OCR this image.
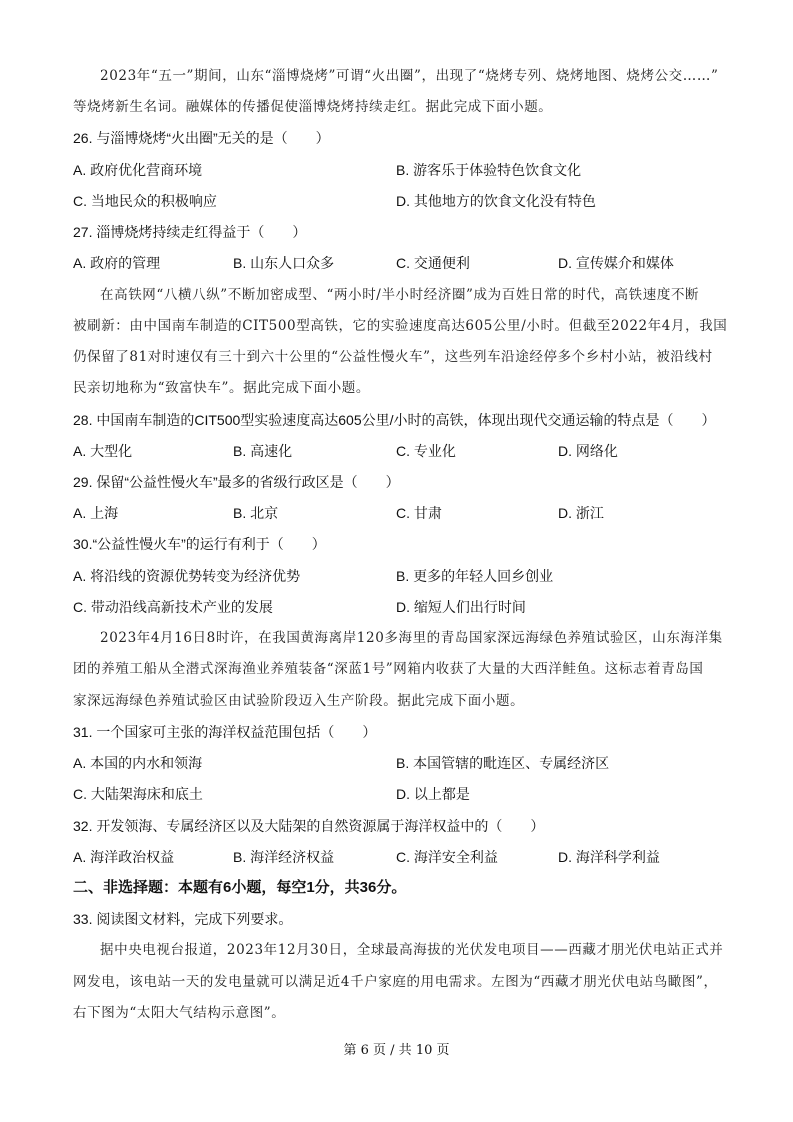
2023年“五一”期间，山东“淄博烧烤”可谓“火出圈”，出现了“烧烤专列、烧烤地图、烧烤公交……”
等烧烤新生名词。融媒体的传播促使淄博烧烤持续走红。据此完成下面小题。
26. 与淄博烧烤“火出圈”无关的是（　　）
A. 政府优化营商环境	B. 游客乐于体验特色饮食文化
C. 当地民众的积极响应	D. 其他地方的饮食文化没有特色
27. 淄博烧烤持续走红得益于（　　）
A. 政府的管理	B. 山东人口众多	C. 交通便利	D. 宣传媒介和媒体
在高铁网“八横八纵”不断加密成型、“两小时/半小时经济圈”成为百姓日常的时代，高铁速度不断
被刷新：由中国南车制造的CIT500型高铁，它的实验速度高达605公里/小时。但截至2022年4月，我国
仍保留了81对时速仅有三十到六十公里的“公益性慢火车”，这些列车沿途经停多个乡村小站，被沿线村
民亲切地称为“致富快车”。据此完成下面小题。
28. 中国南车制造的CIT500型实验速度高达605公里/小时的高铁，体现出现代交通运输的特点是（　　）
A. 大型化	B. 高速化	C. 专业化	D. 网络化
29. 保留“公益性慢火车”最多的省级行政区是（　　）
A. 上海	B. 北京	C. 甘肃	D. 浙江
30.“公益性慢火车”的运行有利于（　　）
A. 将沿线的资源优势转变为经济优势	B. 更多的年轻人回乡创业
C. 带动沿线高新技术产业的发展	D. 缩短人们出行时间
2023年4月16日8时许，在我国黄海离岸120多海里的青岛国家深远海绿色养殖试验区，山东海洋集
团的养殖工船从全潜式深海渔业养殖装备“深蓝1号”网箱内收获了大量的大西洋鲑鱼。这标志着青岛国
家深远海绿色养殖试验区由试验阶段迈入生产阶段。据此完成下面小题。
31. 一个国家可主张的海洋权益范围包括（　　）
A. 本国的内水和领海	B. 本国管辖的毗连区、专属经济区
C. 大陆架海床和底土	D. 以上都是
32. 开发领海、专属经济区以及大陆架的自然资源属于海洋权益中的（　　）
A. 海洋政治权益	B. 海洋经济权益	C. 海洋安全利益	D. 海洋科学利益
二、非选择题：本题有6小题，每空1分，共36分。
33. 阅读图文材料，完成下列要求。
据中央电视台报道，2023年12月30日，全球最高海拔的光伏发电项目——西藏才朋光伏电站正式并
网发电，该电站一天的发电量就可以满足近4千户家庭的用电需求。左图为“西藏才朋光伏电站鸟瞰图”，
右下图为“太阳大气结构示意图”。
第 6 页 / 共 10 页
